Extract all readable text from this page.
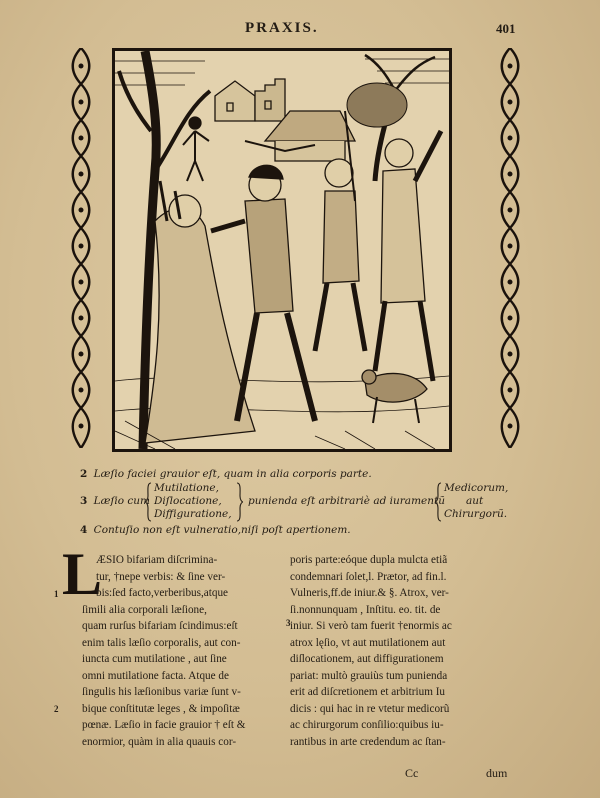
PRAXIS.	401
2 Læſio faciei grauior eſt, quam in alia corporis parte.
3 Læſio cum
Mutilatione,
Diſlocatione,
Diffiguratione,
punienda eſt arbitrariè ad iuramentũ
Medicorum,
aut
Chirurgorũ.
4 Contuſio non eſt vulneratio,niſi poſt apertionem.
L
1
2
3
ÆSIO bifariam diſcrimina-
tur, †nepe verbis: & ſine ver-
bis:ſed facto,verberibus,atque
ſimili alia corporali læſione,
quam rurſus bifariam ſcindimus:eſt
enim talis læſio corporalis, aut con-
iuncta cum mutilatione , aut ſine
omni mutilatione facta. Atque de
ſingulis his læſionibus variæ ſunt v-
bique conſtitutæ leges , & impoſitæ
pœnæ. Læſio in facie grauior † eſt &
enormior, quàm in alia quauis cor-
poris parte:eóque dupla mulcta etiã
condemnari ſolet,l. Prætor, ad fin.l.
Vulneris,ff.de iniur.& §. Atrox, ver-
ſi.nonnunquam , Inſtitu. eo. tit. de
iniur. Si verò tam fuerit †enormis ac
atrox lęſio, vt aut mutilationem aut
diſlocationem, aut diffigurationem
pariat: multò grauiùs tum punienda
erit ad diſcretionem et arbitrium Iu
dicis : qui hac in re vtetur medicorũ
ac chirurgorum conſilio:quibus iu-
rantibus in arte credendum ac ſtan-
Cc	dum
